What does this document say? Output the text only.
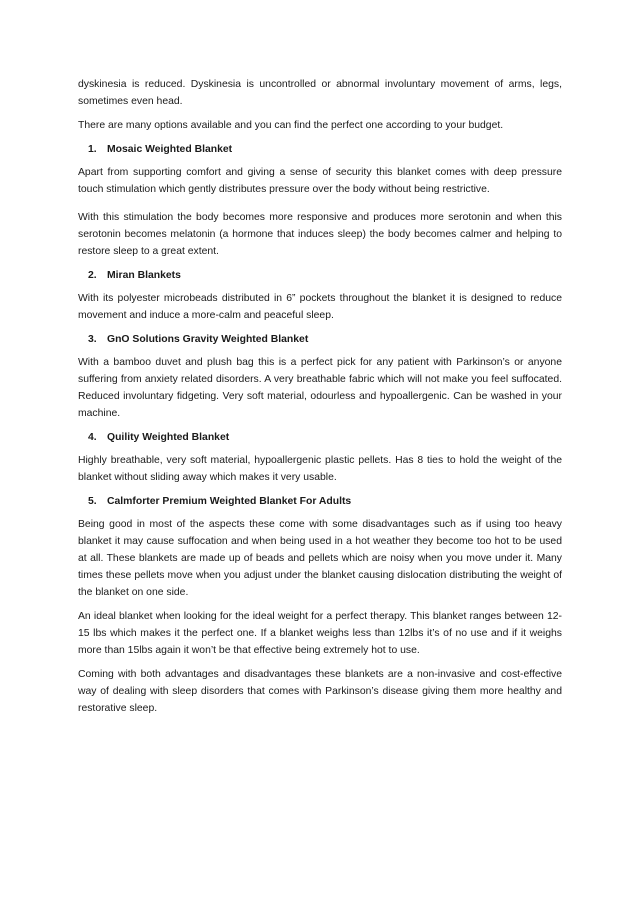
dyskinesia is reduced. Dyskinesia is uncontrolled or abnormal involuntary movement of arms, legs, sometimes even head.

There are many options available and you can find the perfect one according to your budget.

1. Mosaic Weighted Blanket

Apart from supporting comfort and giving a sense of security this blanket comes with deep pressure touch stimulation which gently distributes pressure over the body without being restrictive.

With this stimulation the body becomes more responsive and produces more serotonin and when this serotonin becomes melatonin (a hormone that induces sleep) the body becomes calmer and helping to restore sleep to a great extent.

2. Miran Blankets

With its polyester microbeads distributed in 6” pockets throughout the blanket it is designed to reduce movement and induce a more-calm and peaceful sleep.

3. GnO Solutions Gravity Weighted Blanket

With a bamboo duvet and plush bag this is a perfect pick for any patient with Parkinson’s or anyone suffering from anxiety related disorders. A very breathable fabric which will not make you feel suffocated. Reduced involuntary fidgeting. Very soft material, odourless and hypoallergenic. Can be washed in your machine.

4. Quility Weighted Blanket

Highly breathable, very soft material, hypoallergenic plastic pellets. Has 8 ties to hold the weight of the blanket without sliding away which makes it very usable.

5. Calmforter Premium Weighted Blanket For Adults

Being good in most of the aspects these come with some disadvantages such as if using too heavy blanket it may cause suffocation and when being used in a hot weather they become too hot to be used at all. These blankets are made up of beads and pellets which are noisy when you move under it. Many times these pellets move when you adjust under the blanket causing dislocation distributing the weight of the blanket on one side.

An ideal blanket when looking for the ideal weight for a perfect therapy. This blanket ranges between 12-15 lbs which makes it the perfect one. If a blanket weighs less than 12lbs it’s of no use and if it weighs more than 15lbs again it won’t be that effective being extremely hot to use.

Coming with both advantages and disadvantages these blankets are a non-invasive and cost-effective way of dealing with sleep disorders that comes with Parkinson’s disease giving them more healthy and restorative sleep.
